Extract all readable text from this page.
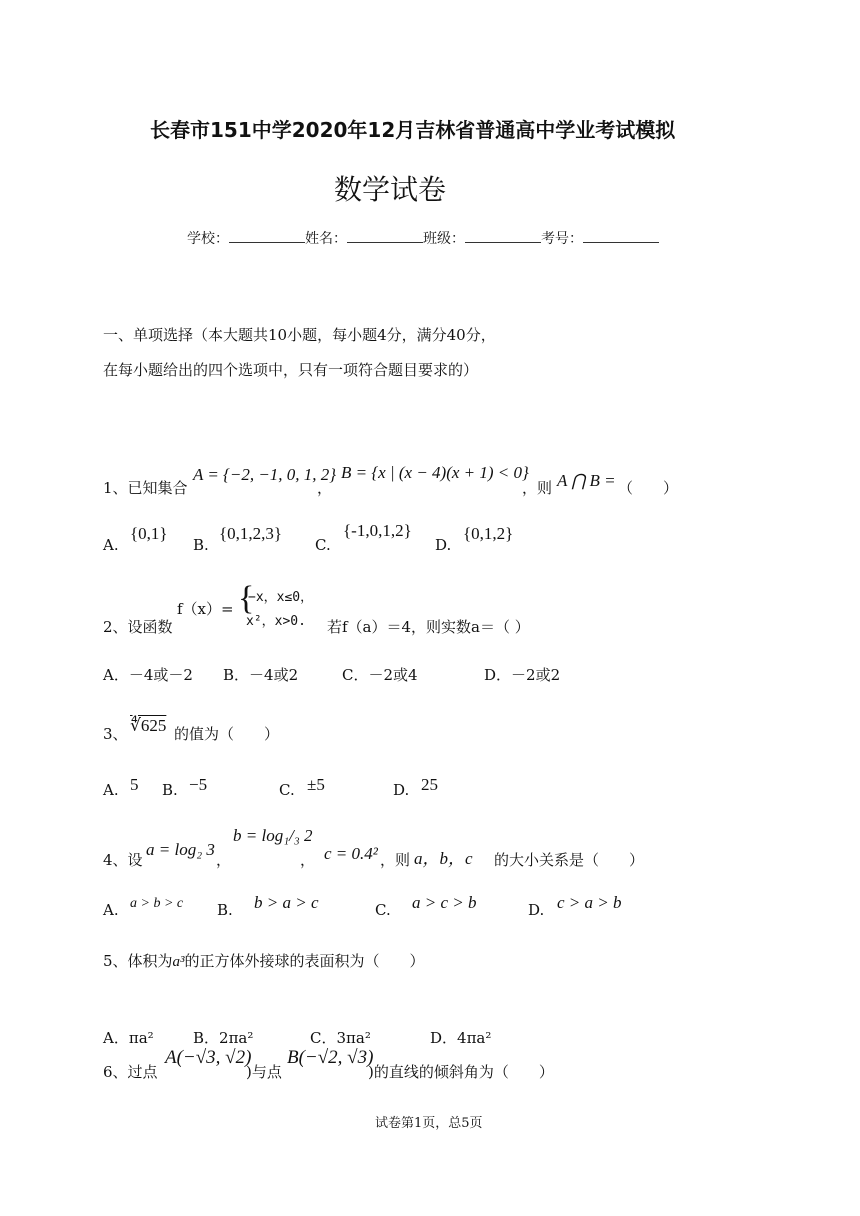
长春市151中学2020年12月吉林省普通高中学业考试模拟
数学试卷
学校：	姓名：	班级：	考号：
一、单项选择（本大题共10小题，每小题4分，满分40分，
在每小题给出的四个选项中，只有一项符合题目要求的）
1、已知集合
A = {−2, −1, 0, 1, 2}
，
B = {x | (x − 4)(x + 1) < 0}
，则 A ⋂ B = （　　）
A.
{0,1}
B.
{0,1,2,3}
C.
{-1,0,1,2}
D.
{0,1,2}
2、设函数
f（x）= {
−x，x≤0，
x²，x>0. 若f（a）＝4，则实数a＝（ ）
A．－4或－2 B．－4或2	C．－2或4	D．－2或2
3、 ∜625 的值为（　　）
A. 5 B. −5	C. ±5	D. 25
4、设
a = log₂ 3
，
b = log₁/₃ 2
， c = 0.4² ，则 a，b，c 的大小关系是（　　）
A. a > b > c B. b > a > c	C. a > c > b	D. c > a > b
5、体积为a³的正方体外接球的表面积为（　　）
A．πa²	B．2πa²	C．3πa²	D．4πa²
6、过点
A(−√3, √2)
)与点
B(−√2, √3)
)的直线的倾斜角为（　　）
试卷第1页，总5页
